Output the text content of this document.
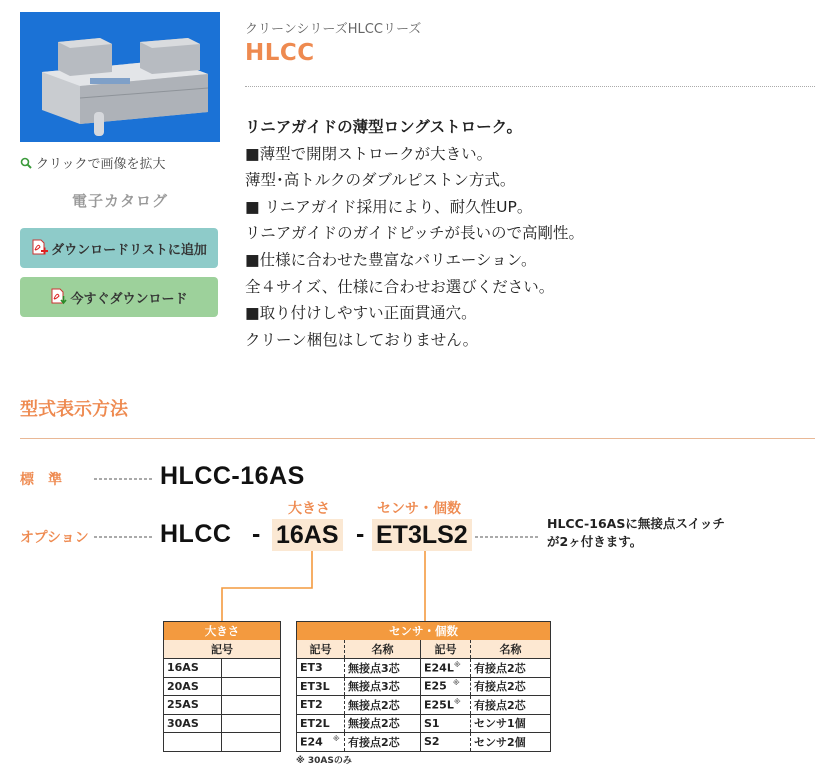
クリックで画像を拡大
電子カタログ
ダウンロードリストに追加
今すぐダウンロード
クリーンシリーズHLCCリーズ
HLCC
リニアガイドの薄型ロングストローク。
■薄型で開閉ストロークが大きい。
薄型･高トルクのダブルピストン方式。
■ リニアガイド採用により、耐久性UP。
リニアガイドのガイドピッチが長いので高剛性。
■仕様に合わせた豊富なバリエーション。
全４サイズ、仕様に合わせお選びください。
■取り付けしやすい正面貫通穴。
クリーン梱包はしておりません。
型式表示方法
標　準
オプション
HLCC-16AS
HLCC -
大きさ
16AS -
センサ・個数
ET3LS2	HLCC-16ASに無接点スイッチ
が2ヶ付きます。
大きさ	
記号	
16AS	
20AS	
25AS	
30AS	

センサ・個数			
記号	名称	記号	名称
ET3	無接点3芯	E24L※	有接点2芯
ET3L	無接点3芯	E25 ※	有接点2芯
ET2	無接点2芯	E25L※	有接点2芯
ET2L	無接点2芯	S1	センサ1個
E24 ※	有接点2芯	S2	センサ2個
※ 30ASのみ
